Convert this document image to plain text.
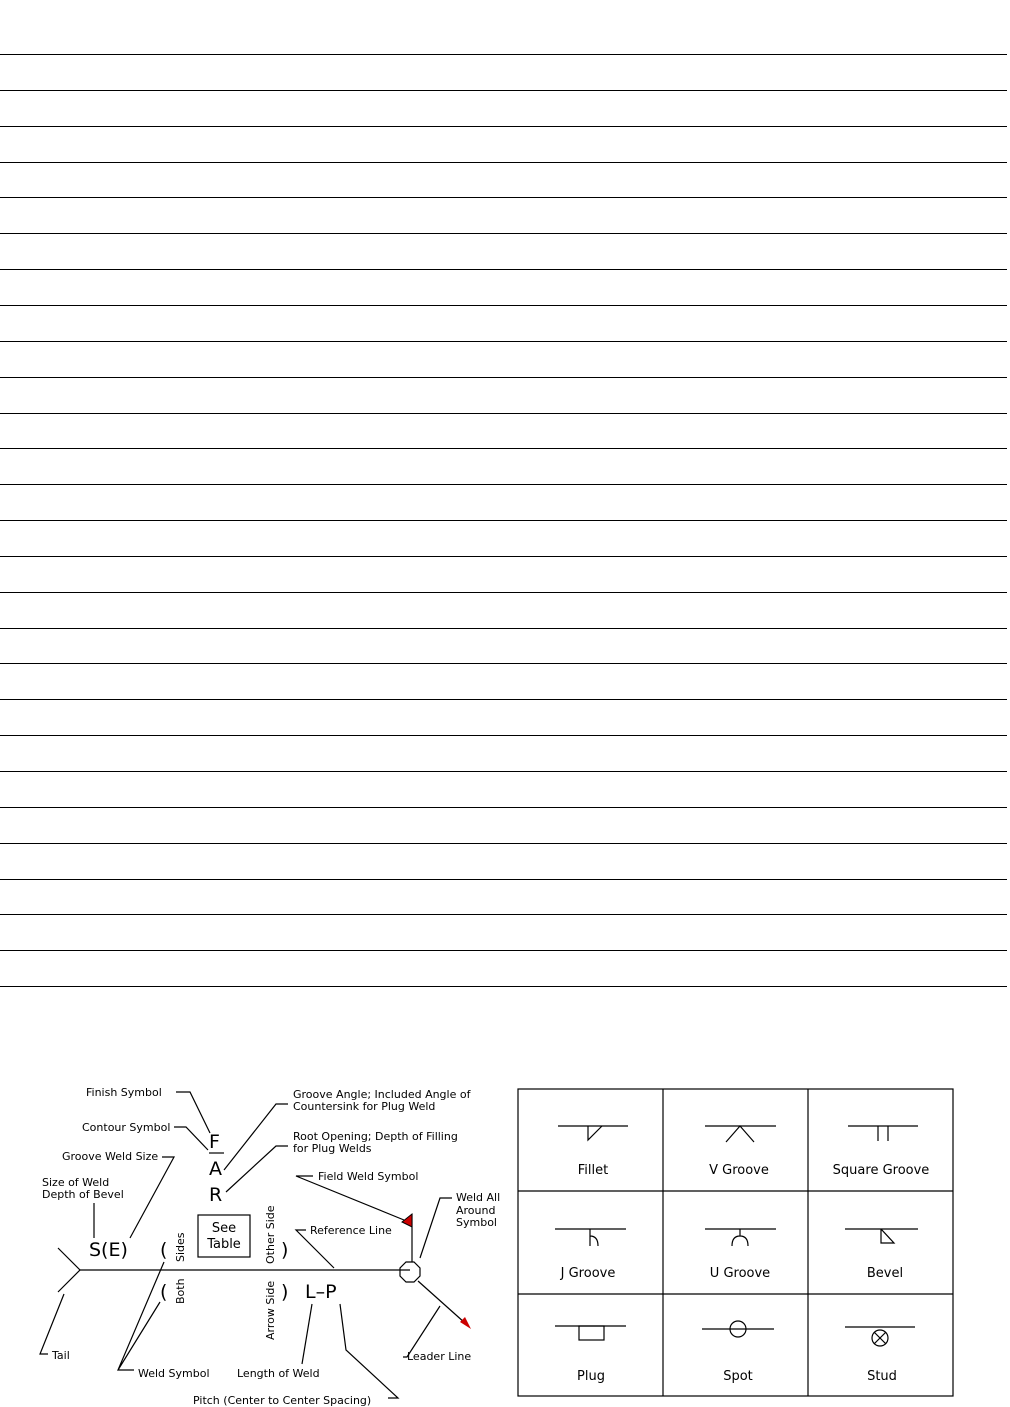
Finish Symbol
Contour Symbol
Groove Weld Size
Size of Weld
Depth of Bevel
Groove Angle; Included Angle of
Countersink for Plug Weld
Root Opening; Depth of Filling
for Plug Welds
Field Weld Symbol
Reference Line
Weld All
Around
Symbol
Tail
Weld Symbol Length of Weld
Leader Line
Pitch (Center to Center Spacing)
F
A
R
S(E)
L–P
(
(
)
)
See
Table
Sides
Both
Other Side
Arrow Side
Fillet	V Groove	Square Groove
J Groove	U Groove	Bevel
Plug	Spot	Stud
